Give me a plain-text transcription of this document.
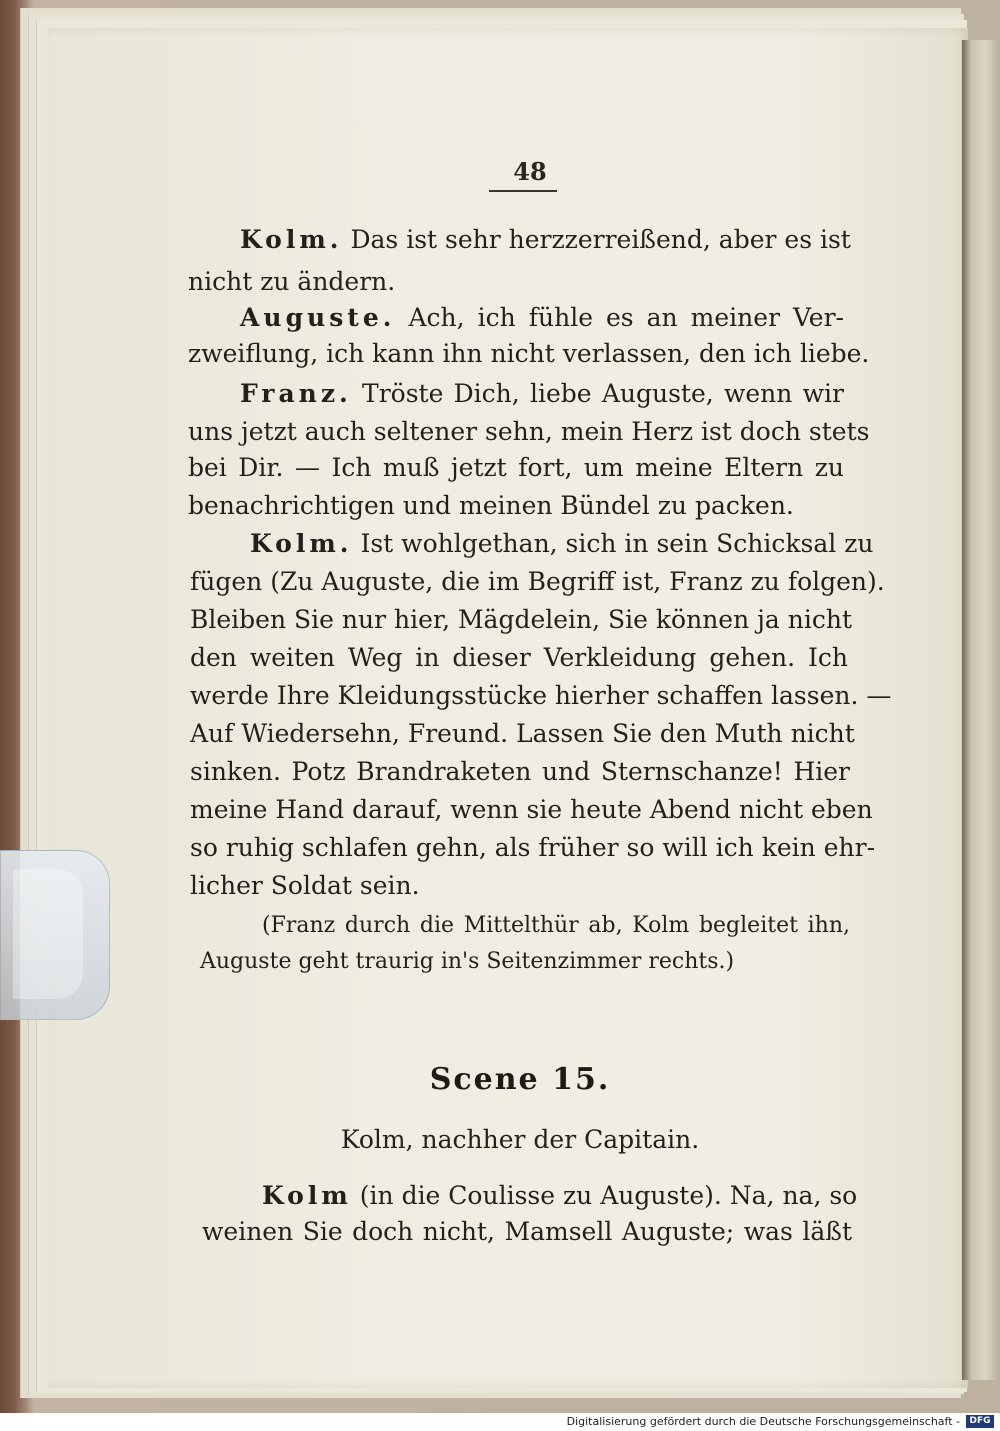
48

Kolm. Das ist sehr herzzerreißend, aber es ist

nicht zu ändern.

Auguste. Ach, ich fühle es an meiner Ver-

zweiflung, ich kann ihn nicht verlassen, den ich liebe.

Franz. Tröste Dich, liebe Auguste, wenn wir

uns jetzt auch seltener sehn, mein Herz ist doch stets

bei Dir. — Ich muß jetzt fort, um meine Eltern zu

benachrichtigen und meinen Bündel zu packen.

Kolm. Ist wohlgethan, sich in sein Schicksal zu

fügen (Zu Auguste, die im Begriff ist, Franz zu folgen).

Bleiben Sie nur hier, Mägdelein, Sie können ja nicht

den weiten Weg in dieser Verkleidung gehen. Ich

werde Ihre Kleidungsstücke hierher schaffen lassen. —

Auf Wiedersehn, Freund. Lassen Sie den Muth nicht

sinken. Potz Brandraketen und Sternschanze! Hier

meine Hand darauf, wenn sie heute Abend nicht eben

so ruhig schlafen gehn, als früher so will ich kein ehr-

licher Soldat sein.

(Franz durch die Mittelthür ab, Kolm begleitet ihn,

Auguste geht traurig in's Seitenzimmer rechts.)

Scene 15.

Kolm, nachher der Capitain.

Kolm (in die Coulisse zu Auguste). Na, na, so

weinen Sie doch nicht, Mamsell Auguste; was läßt

Digitalisierung gefördert durch die Deutsche Forschungsgemeinschaft -	DFG
